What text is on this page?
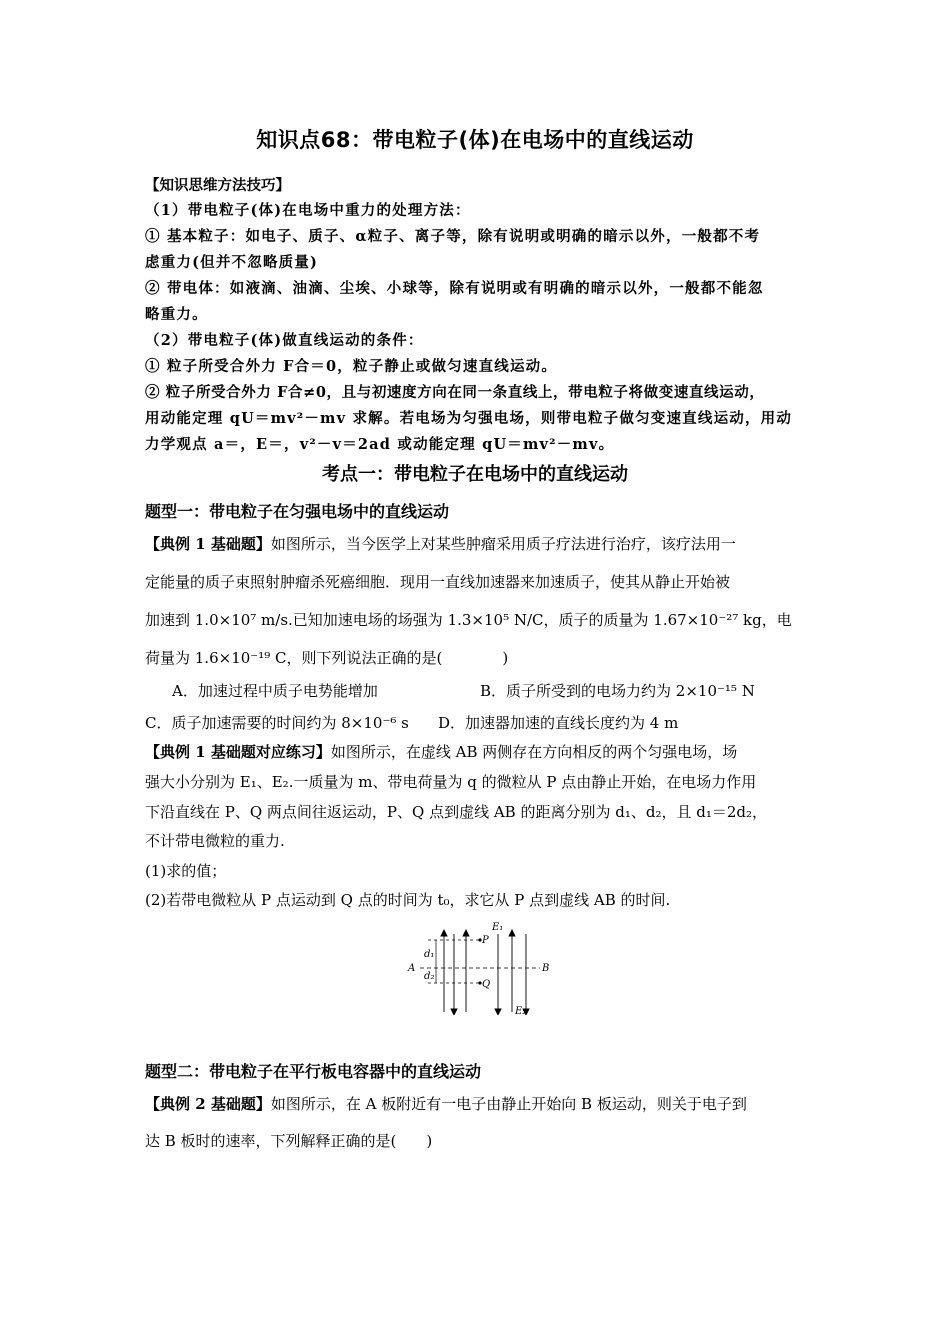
知识点68：带电粒子(体)在电场中的直线运动
【知识思维方法技巧】
（1）带电粒子(体)在电场中重力的处理方法：
① 基本粒子：如电子、质子、α粒子、离子等，除有说明或明确的暗示以外，一般都不考
虑重力(但并不忽略质量)
② 带电体：如液滴、油滴、尘埃、小球等，除有说明或有明确的暗示以外，一般都不能忽
略重力。
（2）带电粒子(体)做直线运动的条件：
① 粒子所受合外力 F合＝0，粒子静止或做匀速直线运动。
② 粒子所受合外力 F合≠0，且与初速度方向在同一条直线上，带电粒子将做变速直线运动，
用动能定理 qU＝mv²－mv 求解。若电场为匀强电场，则带电粒子做匀变速直线运动，用动
力学观点 a＝，E＝，v²－v＝2ad 或动能定理 qU＝mv²－mv。
考点一：带电粒子在电场中的直线运动
题型一：带电粒子在匀强电场中的直线运动
【典例 1 基础题】如图所示，当今医学上对某些肿瘤采用质子疗法进行治疗，该疗法用一
定能量的质子束照射肿瘤杀死癌细胞．现用一直线加速器来加速质子，使其从静止开始被
加速到 1.0×10⁷ m/s.已知加速电场的场强为 1.3×10⁵ N/C，质子的质量为 1.67×10⁻²⁷ kg，电
荷量为 1.6×10⁻¹⁹ C，则下列说法正确的是(　　　　)
A．加速过程中质子电势能增加	B．质子所受到的电场力约为 2×10⁻¹⁵ N
C．质子加速需要的时间约为 8×10⁻⁶ s	D．加速器加速的直线长度约为 4 m
【典例 1 基础题对应练习】如图所示，在虚线 AB 两侧存在方向相反的两个匀强电场，场
强大小分别为 E₁、E₂.一质量为 m、带电荷量为 q 的微粒从 P 点由静止开始，在电场力作用
下沿直线在 P、Q 两点间往返运动，P、Q 点到虚线 AB 的距离分别为 d₁、d₂，且 d₁＝2d₂，
不计带电微粒的重力.
(1)求的值；
(2)若带电微粒从 P 点运动到 Q 点的时间为 t₀，求它从 P 点到虚线 AB 的时间.
A	B
P
Q
E₁
E₂
d₁
d₂
题型二：带电粒子在平行板电容器中的直线运动
【典例 2 基础题】如图所示，在 A 板附近有一电子由静止开始向 B 板运动，则关于电子到
达 B 板时的速率，下列解释正确的是(　　)
